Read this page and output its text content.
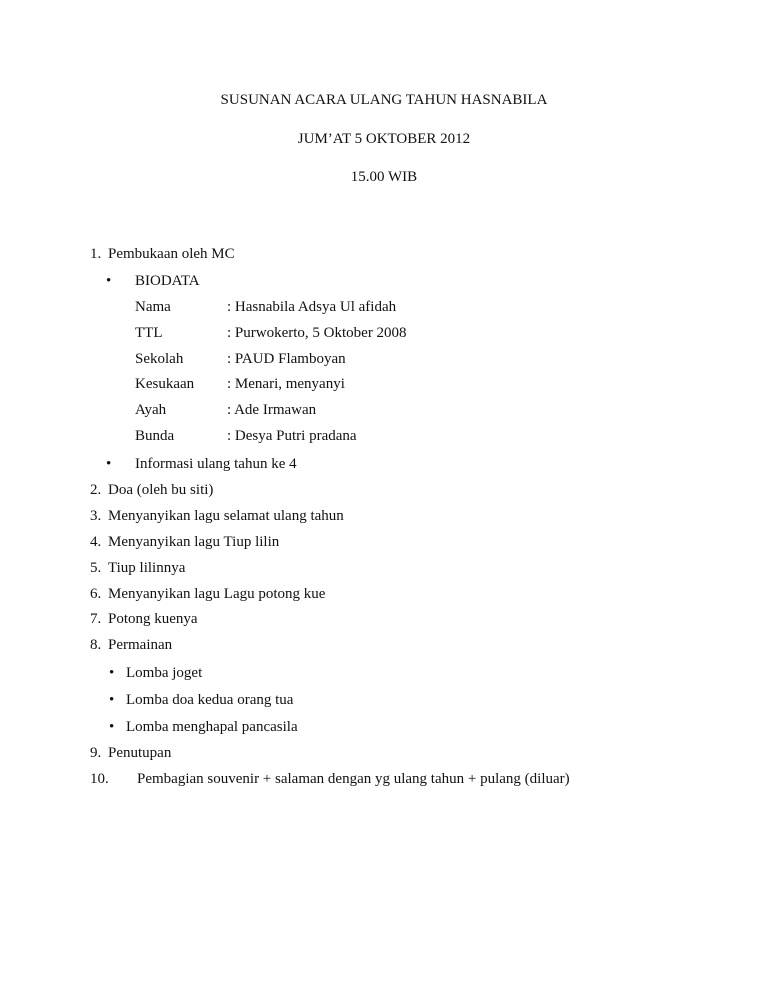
SUSUNAN ACARA ULANG TAHUN HASNABILA
JUM’AT 5 OKTOBER 2012
15.00 WIB
1. Pembukaan oleh MC
• BIODATA
Nama	: Hasnabila Adsya Ul afidah
TTL	: Purwokerto, 5 Oktober 2008
Sekolah	: PAUD Flamboyan
Kesukaan : Menari, menyanyi
Ayah	: Ade Irmawan
Bunda	: Desya Putri pradana
• Informasi ulang tahun ke 4
2. Doa (oleh bu siti)
3. Menyanyikan lagu selamat ulang tahun
4. Menyanyikan lagu Tiup lilin
5. Tiup lilinnya
6. Menyanyikan lagu Lagu potong kue
7. Potong kuenya
8. Permainan
• Lomba joget
• Lomba doa kedua orang tua
• Lomba menghapal pancasila
9. Penutupan
10. Pembagian souvenir + salaman dengan yg ulang tahun + pulang (diluar)
